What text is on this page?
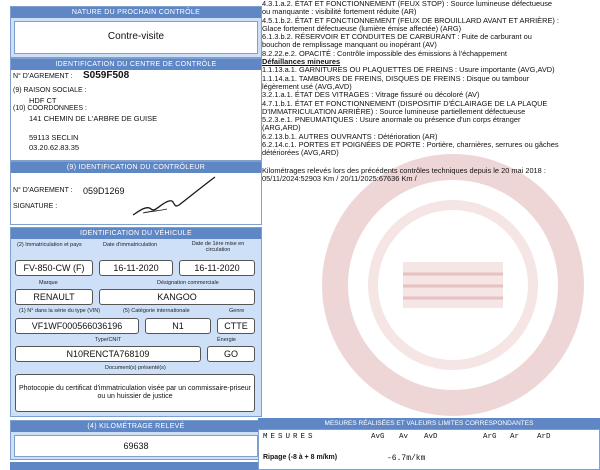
NATURE DU PROCHAIN CONTRÔLE
Contre-visite
IDENTIFICATION DU CENTRE DE CONTRÔLE
N° D'AGREMENT : S059F508
(9) RAISON SOCIALE :
HDF CT
(10) COORDONNEES :
141 CHEMIN DE L'ARBRE DE GUISE
59113 SECLIN
03.20.62.83.35
(9) IDENTIFICATION DU CONTRÔLEUR
N° D'AGREMENT : 059D1269
SIGNATURE :
IDENTIFICATION DU VÉHICULE
(2) Immatriculation et pays	Date d'immatriculation	Date de 1ère mise en circulation
FV-850-CW (F)	16-11-2020	16-11-2020
Marque	Désignation commerciale
RENAULT	KANGOO
(1) N° dans la série du type (VIN)	(5) Catégorie internationale	Genre
VF1WF000566036196	N1	CTTE
Type/CNIT	Énergie
N10RENCTA768109	GO
Document(s) présenté(s)
Photocopie du certificat d'immatriculation visée par un commissaire-priseur
ou un huissier de justice
(4) KILOMÉTRAGE RELEVÉ
69638
4.3.1.a.2. ÉTAT ET FONCTIONNEMENT (FEUX STOP) : Source lumineuse défectueuse
ou manquante : visibilité fortement réduite (AR)
4.5.1.b.2. ÉTAT ET FONCTIONNEMENT (FEUX DE BROUILLARD AVANT ET ARRIÈRE) :
Glace fortement défectueuse (lumière émise affectée) (ARG)
6.1.3.b.2. RÉSERVOIR ET CONDUITES DE CARBURANT : Fuite de carburant ou
bouchon de remplissage manquant ou inopérant (AV)
8.2.22.e.2. OPACITÉ : Contrôle impossible des émissions à l'échappement
Défaillances mineures
1.1.13.a.1. GARNITURES OU PLAQUETTES DE FREINS : Usure importante (AVG,AVD)
1.1.14.a.1. TAMBOURS DE FREINS, DISQUES DE FREINS : Disque ou tambour
légèrement usé (AVG,AVD)
3.2.1.a.1. ÉTAT DES VITRAGES : Vitrage fissuré ou décoloré (AV)
4.7.1.b.1. ÉTAT ET FONCTIONNEMENT (DISPOSITIF D'ÉCLAIRAGE DE LA PLAQUE
D'IMMATRICULATION ARRIÈRE) : Source lumineuse partiellement défectueuse
5.2.3.e.1. PNEUMATIQUES : Usure anormale ou présence d'un corps étranger
(ARG,ARD)
6.2.13.b.1. AUTRES OUVRANTS : Détérioration (AR)
6.2.14.c.1. PORTES ET POIGNÉES DE PORTE : Portière, charnières, serrures ou gâches
détériorées (AVG,ARD)
Kilométrages relevés lors des précédents contrôles techniques depuis le 20 mai 2018 :
05/11/2024:52903 Km / 20/11/2025:67636 Km /
MESURES RÉALISÉES ET VALEURS LIMITES CORRESPONDANTES
MESURES	AvG Av AvD	ArG Ar ArD
Ripage (-8 à + 8 m/km)	-6.7m/km
